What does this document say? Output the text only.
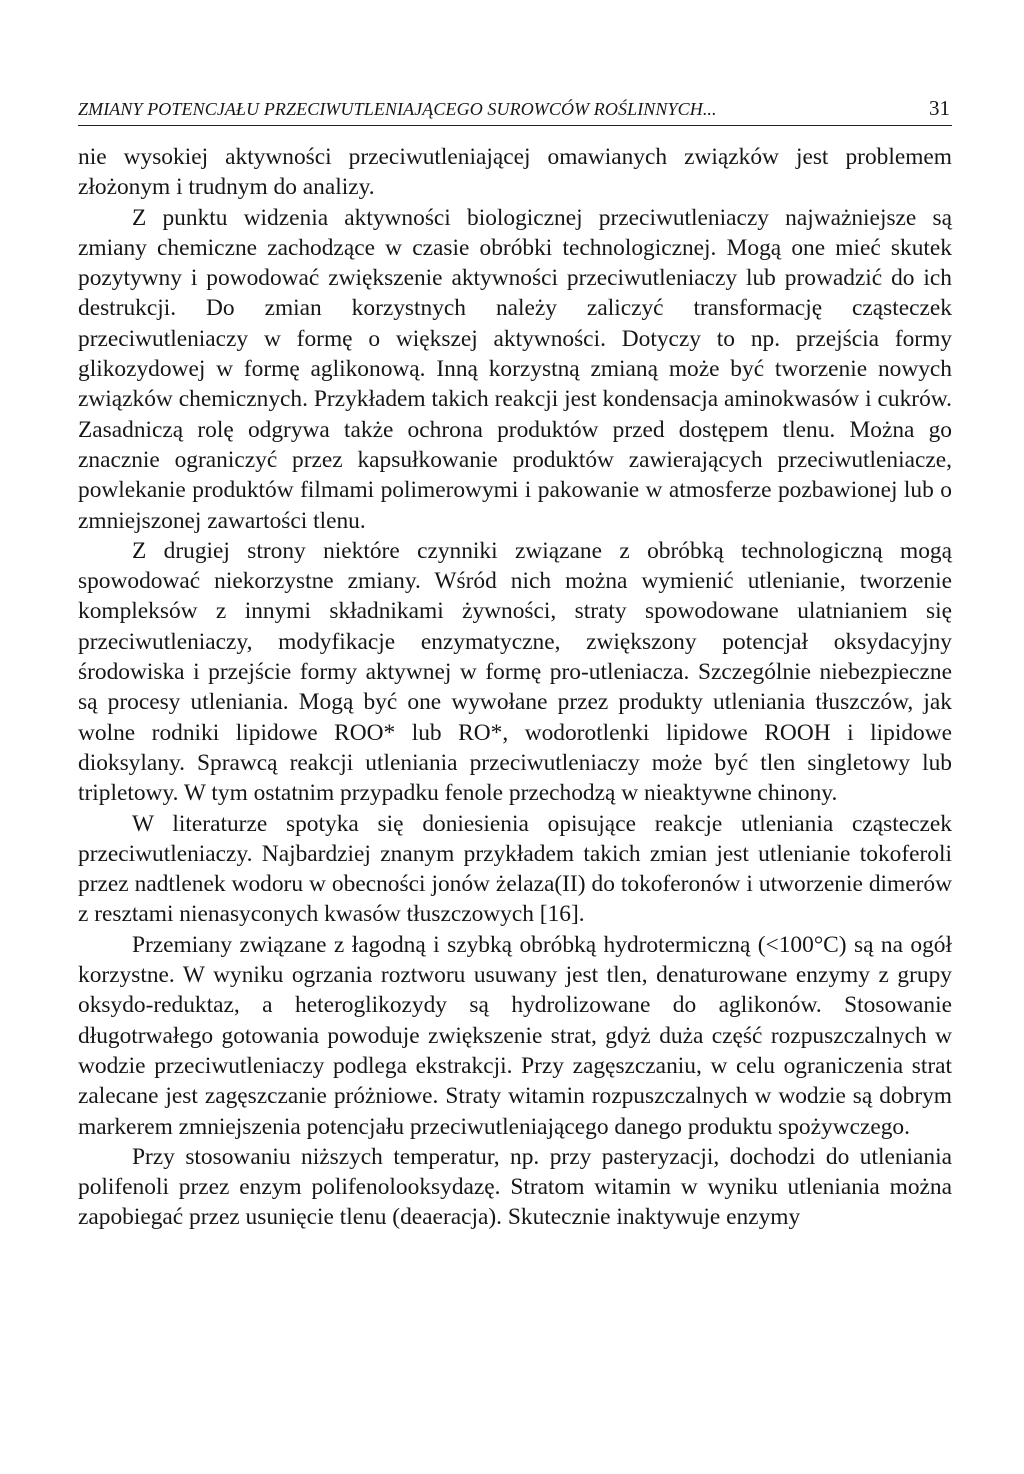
ZMIANY POTENCJAŁU PRZECIWUTLENIAJĄCEGO SUROWCÓW ROŚLINNYCH...	31

nie wysokiej aktywności przeciwutleniającej omawianych związków jest problemem złożonym i trudnym do analizy.

Z punktu widzenia aktywności biologicznej przeciwutleniaczy najważniejsze są zmiany chemiczne zachodzące w czasie obróbki technologicznej. Mogą one mieć skutek pozytywny i powodować zwiększenie aktywności przeciwutleniaczy lub prowadzić do ich destrukcji. Do zmian korzystnych należy zaliczyć transformację cząsteczek przeciwutleniaczy w formę o większej aktywności. Dotyczy to np. przejścia formy glikozydowej w formę aglikonową. Inną korzystną zmianą może być tworzenie nowych związków chemicznych. Przykładem takich reakcji jest kondensacja aminokwasów i cukrów. Zasadniczą rolę odgrywa także ochrona produktów przed dostępem tlenu. Można go znacznie ograniczyć przez kapsułkowanie produktów zawierających przeciwutleniacze, powlekanie produktów filmami polimerowymi i pakowanie w atmosferze pozbawionej lub o zmniejszonej zawartości tlenu.

Z drugiej strony niektóre czynniki związane z obróbką technologiczną mogą spowodować niekorzystne zmiany. Wśród nich można wymienić utlenianie, tworzenie kompleksów z innymi składnikami żywności, straty spowodowane ulatnianiem się przeciwutleniaczy, modyfikacje enzymatyczne, zwiększony potencjał oksydacyjny środowiska i przejście formy aktywnej w formę pro-utleniacza. Szczególnie niebezpieczne są procesy utleniania. Mogą być one wywołane przez produkty utleniania tłuszczów, jak wolne rodniki lipidowe ROO* lub RO*, wodorotlenki lipidowe ROOH i lipidowe dioksylany. Sprawcą reakcji utleniania przeciwutleniaczy może być tlen singletowy lub tripletowy. W tym ostatnim przypadku fenole przechodzą w nieaktywne chinony.

W literaturze spotyka się doniesienia opisujące reakcje utleniania cząsteczek przeciwutleniaczy. Najbardziej znanym przykładem takich zmian jest utlenianie tokoferoli przez nadtlenek wodoru w obecności jonów żelaza(II) do tokoferonów i utworzenie dimerów z resztami nienasyconych kwasów tłuszczowych [16].

Przemiany związane z łagodną i szybką obróbką hydrotermiczną (<100°C) są na ogół korzystne. W wyniku ogrzania roztworu usuwany jest tlen, denaturowane enzymy z grupy oksydo-reduktaz, a heteroglikozydy są hydrolizowane do aglikonów. Stosowanie długotrwałego gotowania powoduje zwiększenie strat, gdyż duża część rozpuszczalnych w wodzie przeciwutleniaczy podlega ekstrakcji. Przy zagęszczaniu, w celu ograniczenia strat zalecane jest zagęszczanie próżniowe. Straty witamin rozpuszczalnych w wodzie są dobrym markerem zmniejszenia potencjału przeciwutleniającego danego produktu spożywczego.

Przy stosowaniu niższych temperatur, np. przy pasteryzacji, dochodzi do utleniania polifenoli przez enzym polifenolooksydazę. Stratom witamin w wyniku utleniania można zapobiegać przez usunięcie tlenu (deaeracja). Skutecznie inaktywuje enzymy
